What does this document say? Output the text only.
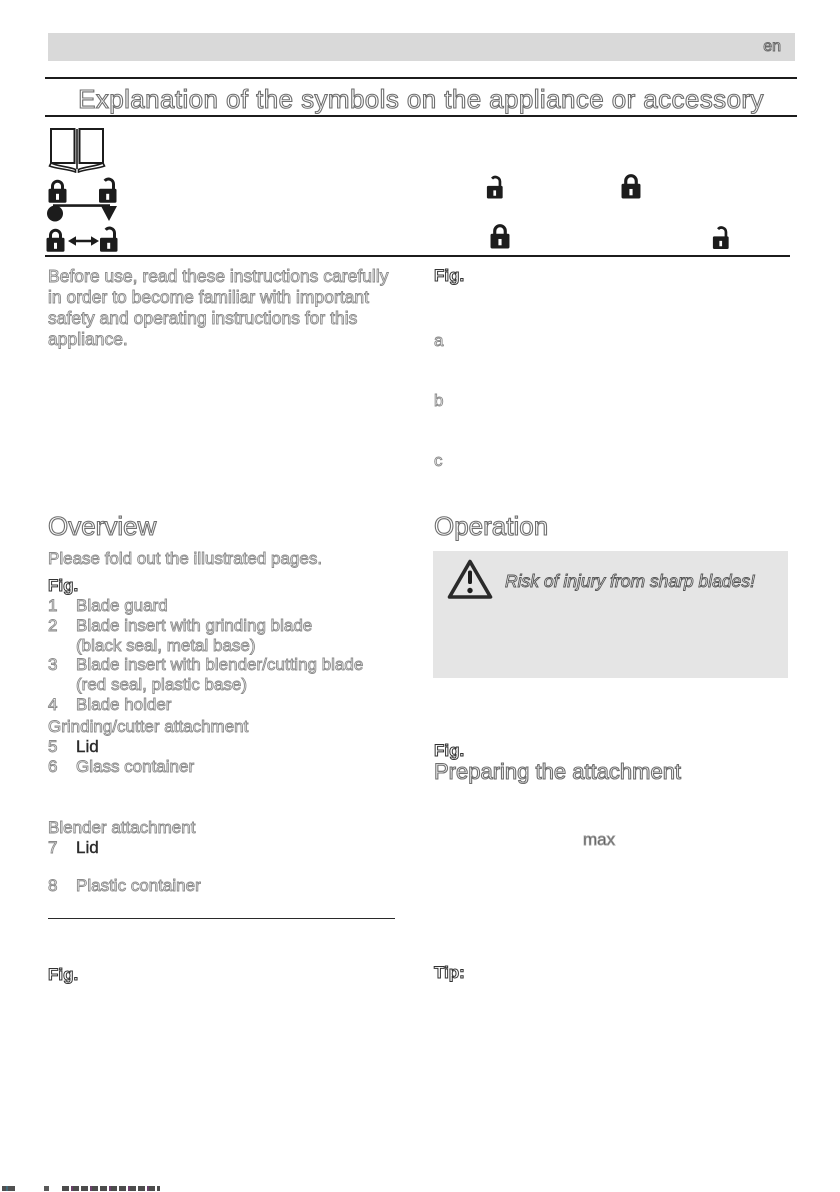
en
Explanation of the symbols on the appliance or accessory
Before use, read these instructions carefully
in order to become familiar with important
safety and operating instructions for this
appliance.
Fig.
a
b
c
Overview
Please fold out the illustrated pages.
Fig.
1	Blade guard
2	Blade insert with grinding blade
(black seal, metal base)
3	Blade insert with blender/cutting blade
(red seal, plastic base)
4	Blade holder
Grinding/cutter attachment
5	Lid
6	Glass container
Blender attachment
7	Lid
8	Plastic container
Fig.
Operation
Risk of injury from sharp blades!
Fig.
Preparing the attachment
max
Tip:
